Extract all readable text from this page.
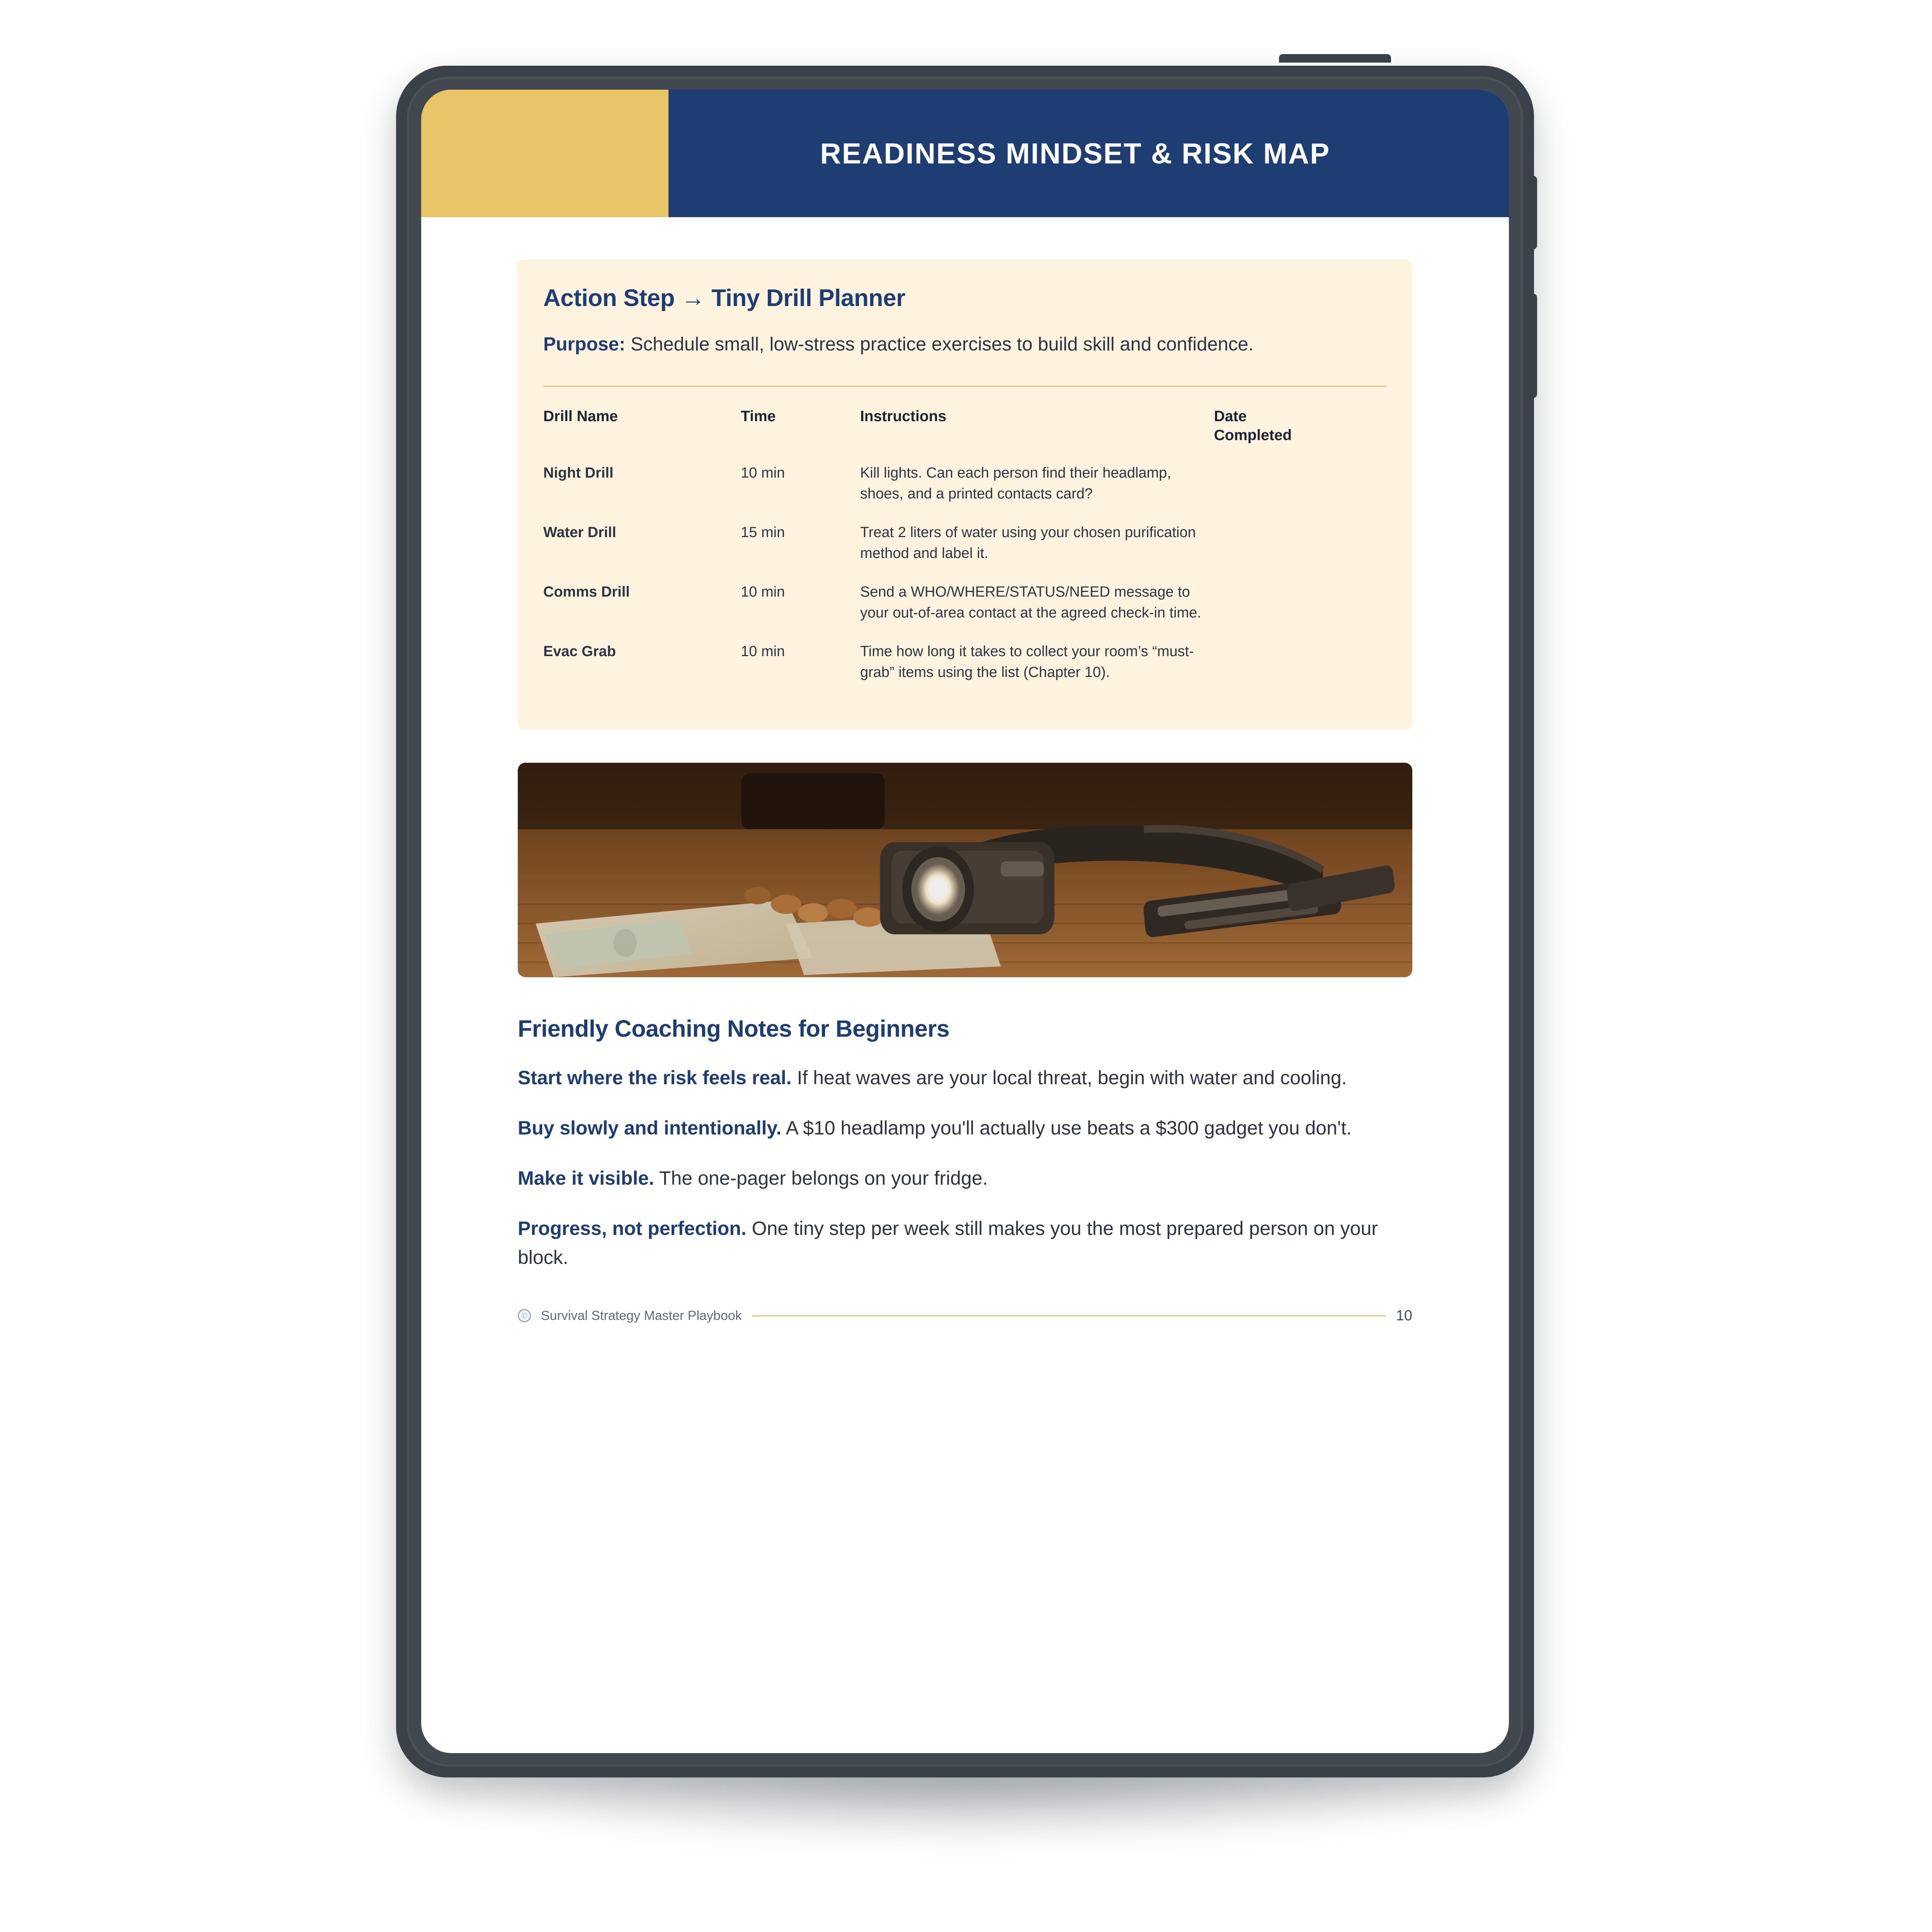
READINESS MINDSET & RISK MAP
Action Step → Tiny Drill Planner
Purpose: Schedule small, low-stress practice exercises to build skill and confidence.
Drill Name	Time	Instructions	Date
Completed
Night Drill	10 min	Kill lights. Can each person find their headlamp, shoes, and a printed contacts card?	
Water Drill	15 min	Treat 2 liters of water using your chosen purification method and label it.	
Comms Drill	10 min	Send a WHO/WHERE/STATUS/NEED message to your out-of-area contact at the agreed check-in time.	
Evac Grab	10 min	Time how long it takes to collect your room’s “must-grab” items using the list (Chapter 10).	
Friendly Coaching Notes for Beginners
Start where the risk feels real. If heat waves are your local threat, begin with water and cooling.
Buy slowly and intentionally. A $10 headlamp you'll actually use beats a $300 gadget you don't.
Make it visible. The one-pager belongs on your fridge.
Progress, not perfection. One tiny step per week still makes you the most prepared person on your block.
© Survival Strategy Master Playbook	10
